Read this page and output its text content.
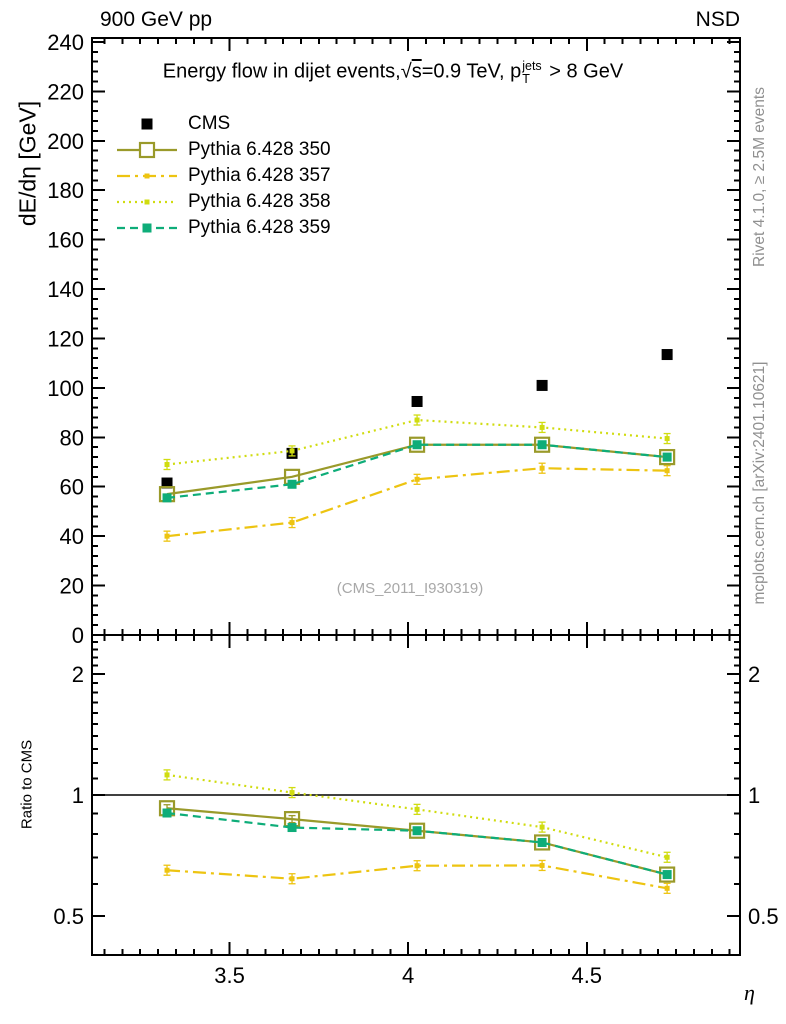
3.5	4	4.5
0
20
40
60
80
100
120
140
160
180
200
220
240
0.5	0.5
1	1
2	2
900 GeV pp	NSD
Energy flow in dijet events,√s=0.9 TeV, p jets
T > 8 GeV
CMS
Pythia 6.428 350
Pythia 6.428 357
Pythia 6.428 358
Pythia 6.428 359
dE/dη [GeV]
Ratio to CMS
Rivet 4.1.0, ≥ 2.5M events
mcplots.cern.ch [arXiv:2401.10621]
(CMS_2011_I930319)
η
